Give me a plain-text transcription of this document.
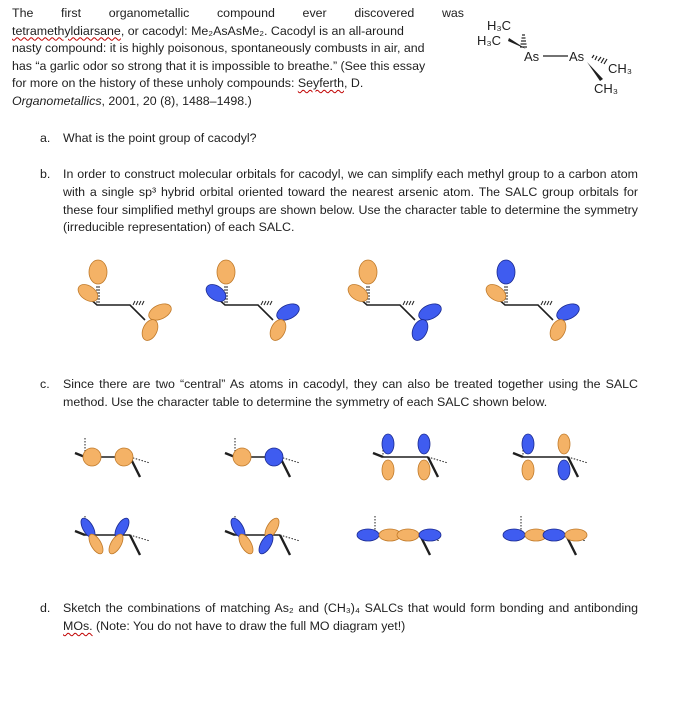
The first organometallic compound ever discovered was
tetramethyldiarsane, or cacodyl: Me₂AsAsMe₂. Cacodyl is an all-around
nasty compound: it is highly poisonous, spontaneously combusts in air, and
has “a garlic odor so strong that it is impossible to breathe.” (See this essay
for more on the history of these unholy compounds: Seyferth, D.
Organometallics, 2001, 20 (8), 1488–1498.)
H₃C
H₃C
As As
CH₃
CH₃
a. What is the point group of cacodyl?
b. In order to construct molecular orbitals for cacodyl, we can simplify each methyl group to a carbon atom with a single sp³ hybrid orbital oriented toward the nearest arsenic atom. The SALC group orbitals for these four simplified methyl groups are shown below. Use the character table to determine the symmetry (irreducible representation) of each SALC.
c. Since there are two “central” As atoms in cacodyl, they can also be treated together using the SALC method. Use the character table to determine the symmetry of each SALC shown below.
d. Sketch the combinations of matching As₂ and (CH₃)₄ SALCs that would form bonding and antibonding MOs. (Note: You do not have to draw the full MO diagram yet!)
